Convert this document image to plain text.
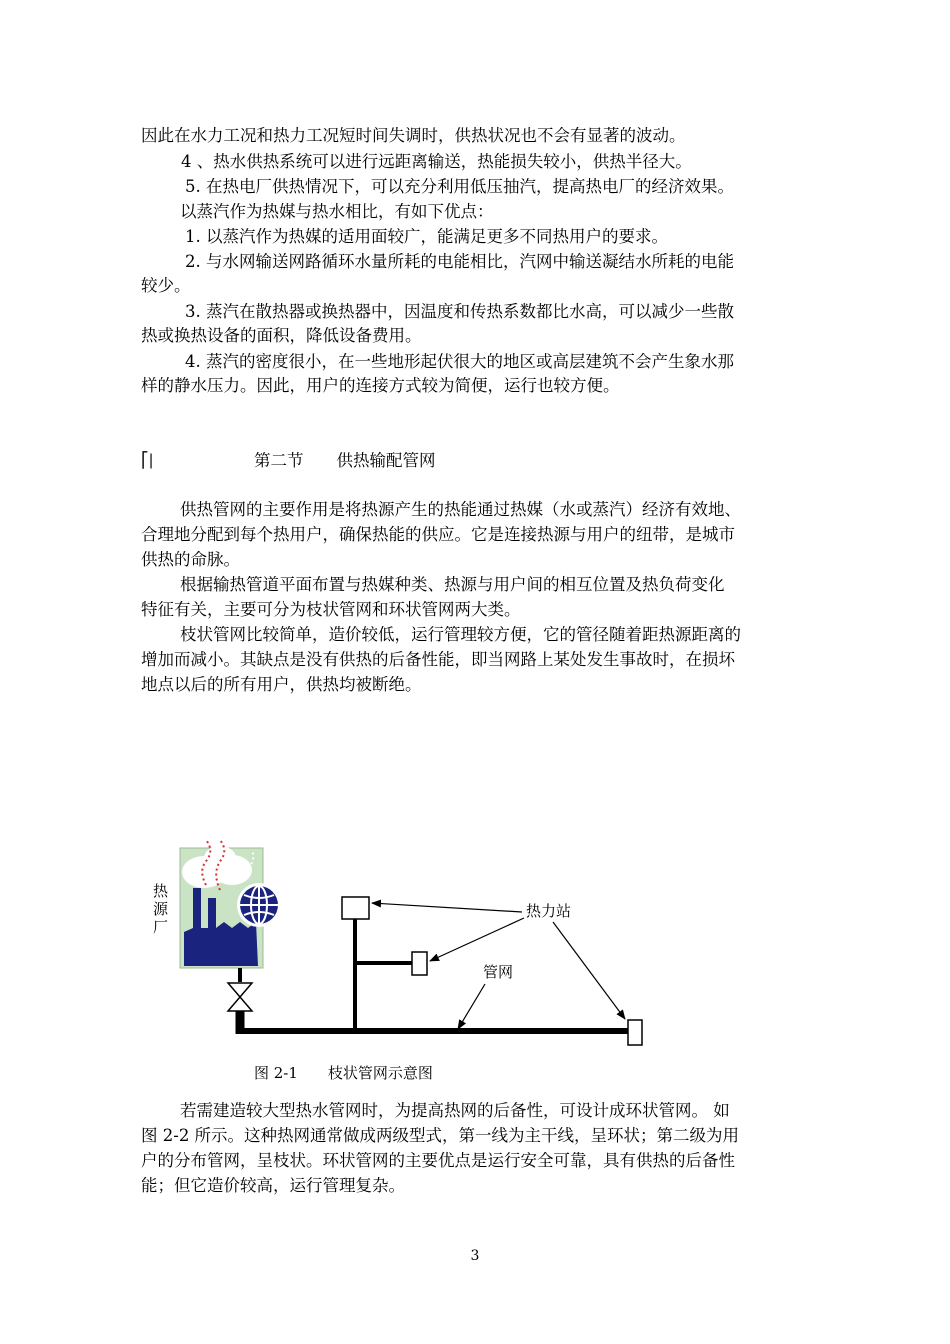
因此在水力工况和热力工况短时间失调时，供热状况也不会有显著的波动。
4 、热水供热系统可以进行远距离输送，热能损失较小，供热半径大。
5. 在热电厂供热情况下，可以充分利用低压抽汽，提高热电厂的经济效果。
以蒸汽作为热媒与热水相比，有如下优点：
1. 以蒸汽作为热媒的适用面较广，能满足更多不同热用户的要求。
2. 与水网输送网路循环水量所耗的电能相比，汽网中输送凝结水所耗的电能
较少。
3. 蒸汽在散热器或换热器中，因温度和传热系数都比水高，可以减少一些散
热或换热设备的面积，降低设备费用。
4. 蒸汽的密度很小，在一些地形起伏很大的地区或高层建筑不会产生象水那
样的静水压力。因此，用户的连接方式较为简便，运行也较方便。
⎡|	第二节　　供热输配管网
供热管网的主要作用是将热源产生的热能通过热媒（水或蒸汽）经济有效地、
合理地分配到每个热用户，确保热能的供应。它是连接热源与用户的纽带，是城市
供热的命脉。
根据输热管道平面布置与热媒种类、热源与用户间的相互位置及热负荷变化
特征有关，主要可分为枝状管网和环状管网两大类。
枝状管网比较简单，造价较低，运行管理较方便，它的管径随着距热源距离的
增加而减小。其缺点是没有供热的后备性能，即当网路上某处发生事故时，在损坏
地点以后的所有用户，供热均被断绝。
热
源
厂
热力站
管网
图 2-1　　枝状管网示意图
若需建造较大型热水管网时，为提高热网的后备性，可设计成环状管网。 如
图 2-2 所示。这种热网通常做成两级型式，第一线为主干线，呈环状；第二级为用
户的分布管网，呈枝状。环状管网的主要优点是运行安全可靠，具有供热的后备性
能；但它造价较高，运行管理复杂。
3
